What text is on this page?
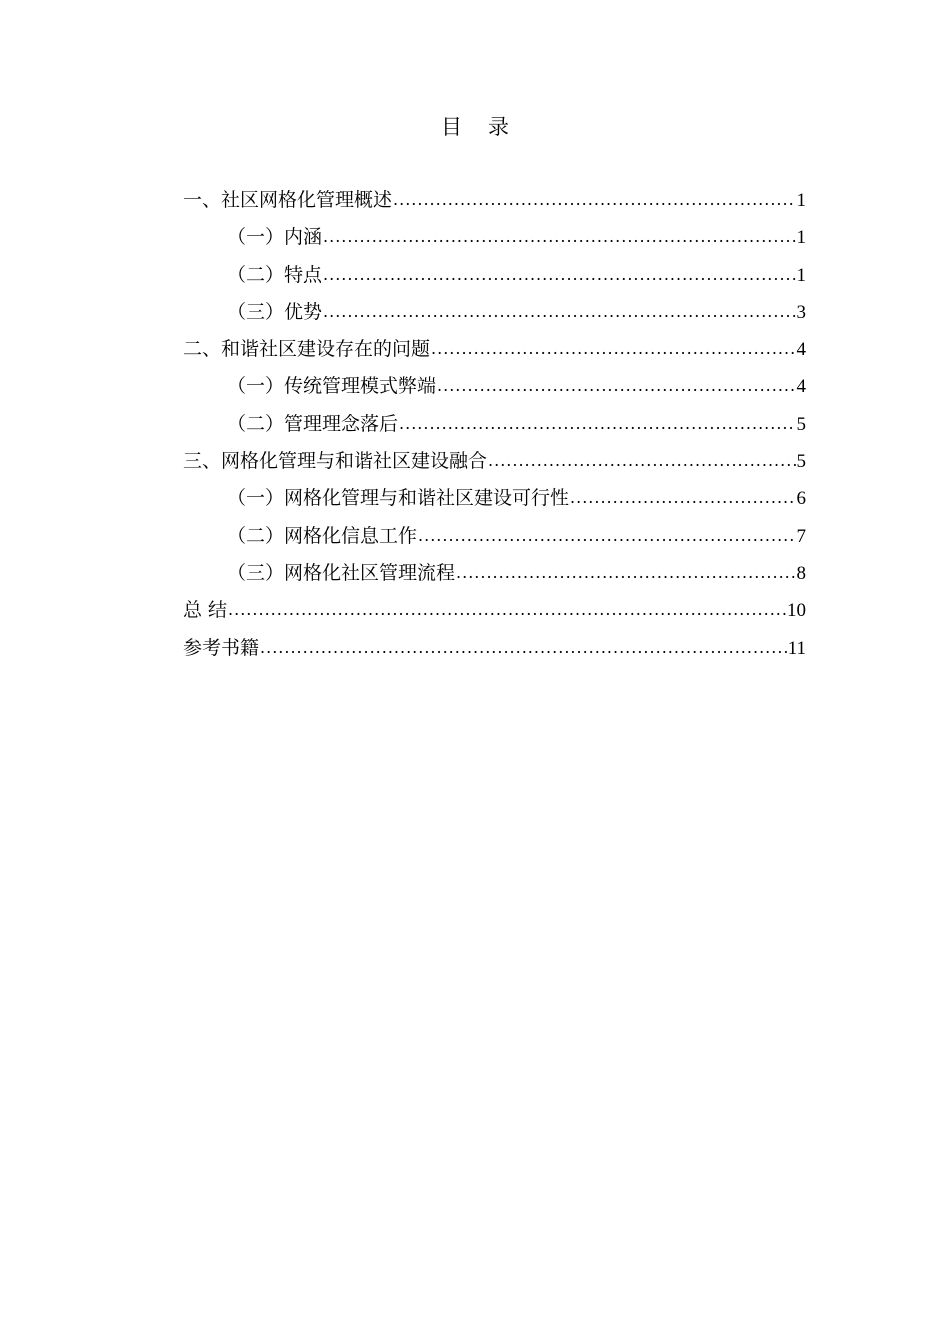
目 录
一、社区网格化管理概述 .....	1
（一）内涵 .....	1
（二）特点 .....	1
（三）优势 .....	3
二、和谐社区建设存在的问题 .....	4
（一）传统管理模式弊端 .....	4
（二）管理理念落后 .....	5
三、网格化管理与和谐社区建设融合 .....	5
（一）网格化管理与和谐社区建设可行性 .....	6
（二）网格化信息工作 .....	7
（三）网格化社区管理流程 .....	8
总 结 .....	10
参考书籍 .....	11
